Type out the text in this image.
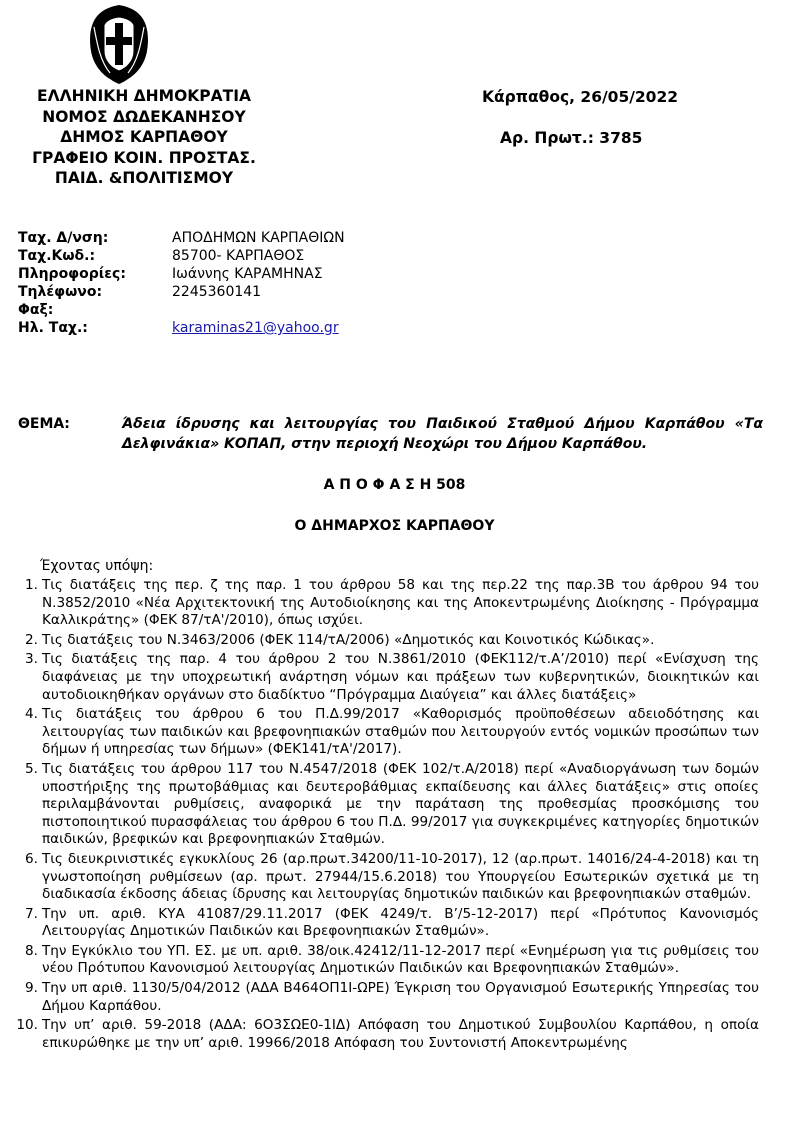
ΕΛΛΗΝΙΚΗ ΔΗΜΟΚΡΑΤΙΑ
ΝΟΜΟΣ ΔΩΔΕΚΑΝΗΣΟΥ
ΔΗΜΟΣ ΚΑΡΠΑΘΟΥ
ΓΡΑΦΕΙΟ ΚΟΙΝ. ΠΡΟΣΤΑΣ.
ΠΑΙΔ. &ΠΟΛΙΤΙΣΜΟΥ
Κάρπαθος, 26/05/2022
Αρ. Πρωτ.: 3785
Ταχ. Δ/νση:	ΑΠΟΔΗΜΩΝ ΚΑΡΠΑΘΙΩΝ
Ταχ.Κωδ.:	85700- ΚΑΡΠΑΘΟΣ
Πληροφορίες:	Ιωάννης ΚΑΡΑΜΗΝΑΣ
Τηλέφωνο:	2245360141
Φαξ:
Ηλ. Ταχ.:	karaminas21@yahoo.gr
ΘΕΜΑ:	Άδεια ίδρυσης και λειτουργίας του Παιδικού Σταθμού Δήμου Καρπάθου «Τα Δελφινάκια» ΚΟΠΑΠ, στην περιοχή Νεοχώρι του Δήμου Καρπάθου.
Α Π Ο Φ Α Σ Η 508
Ο ΔΗΜΑΡΧΟΣ ΚΑΡΠΑΘΟΥ
Έχοντας υπόψη:
1. Τις διατάξεις της περ. ζ της παρ. 1 του άρθρου 58 και της περ.22 της παρ.3Β του άρθρου 94 του Ν.3852/2010 «Νέα Αρχιτεκτονική της Αυτοδιοίκησης και της Αποκεντρωμένης Διοίκησης - Πρόγραμμα Καλλικράτης» (ΦΕΚ 87/τΑ'/2010), όπως ισχύει.
2. Τις διατάξεις του Ν.3463/2006 (ΦΕΚ 114/τΑ/2006) «Δημοτικός και Κοινοτικός Κώδικας».
3. Τις διατάξεις της παρ. 4 του άρθρου 2 του Ν.3861/2010 (ΦΕΚ112/τ.Α’/2010) περί «Ενίσχυση της διαφάνειας με την υποχρεωτική ανάρτηση νόμων και πράξεων των κυβερνητικών, διοικητικών και αυτοδιοικηθήκαν οργάνων στο διαδίκτυο “Πρόγραμμα Διαύγεια” και άλλες διατάξεις»
4. Τις διατάξεις του άρθρου 6 του Π.Δ.99/2017 «Καθορισμός προϋποθέσεων αδειοδότησης και λειτουργίας των παιδικών και βρεφονηπιακών σταθμών που λειτουργούν εντός νομικών προσώπων των δήμων ή υπηρεσίας των δήμων» (ΦΕΚ141/τΑ'/2017).
5. Τις διατάξεις του άρθρου 117 του Ν.4547/2018 (ΦΕΚ 102/τ.Α/2018) περί «Αναδιοργάνωση των δομών υποστήριξης της πρωτοβάθμιας και δευτεροβάθμιας εκπαίδευσης και άλλες διατάξεις» στις οποίες περιλαμβάνονται ρυθμίσεις, αναφορικά με την παράταση της προθεσμίας προσκόμισης του πιστοποιητικού πυρασφάλειας του άρθρου 6 του Π.Δ. 99/2017 για συγκεκριμένες κατηγορίες δημοτικών παιδικών, βρεφικών και βρεφονηπιακών Σταθμών.
6. Τις διευκρινιστικές εγκυκλίους 26 (αρ.πρωτ.34200/11-10-2017), 12 (αρ.πρωτ. 14016/24-4-2018) και τη γνωστοποίηση ρυθμίσεων (αρ. πρωτ. 27944/15.6.2018) του Υπουργείου Εσωτερικών σχετικά με τη διαδικασία έκδοσης άδειας ίδρυσης και λειτουργίας δημοτικών παιδικών και βρεφονηπιακών σταθμών.
7. Την υπ. αριθ. ΚΥΑ 41087/29.11.2017 (ΦΕΚ 4249/τ. Β’/5-12-2017) περί «Πρότυπος Κανονισμός Λειτουργίας Δημοτικών Παιδικών και Βρεφονηπιακών Σταθμών».
8. Την Εγκύκλιο του ΥΠ. ΕΣ. με υπ. αριθ. 38/οικ.42412/11-12-2017 περί «Ενημέρωση για τις ρυθμίσεις του νέου Πρότυπου Κανονισμού λειτουργίας Δημοτικών Παιδικών και Βρεφονηπιακών Σταθμών».
9. Την υπ αριθ. 1130/5/04/2012 (ΑΔΑ Β464ΟΠ1Ι-ΩΡΕ) Έγκριση του Οργανισμού Εσωτερικής Υπηρεσίας του Δήμου Καρπάθου.
10. Την υπ’ αριθ. 59-2018 (ΑΔΑ: 6Ο3ΣΩΕ0-1ΙΔ) Απόφαση του Δημοτικού Συμβουλίου Καρπάθου, η οποία επικυρώθηκε με την υπ’ αριθ. 19966/2018 Απόφαση του Συντονιστή Αποκεντρωμένης
